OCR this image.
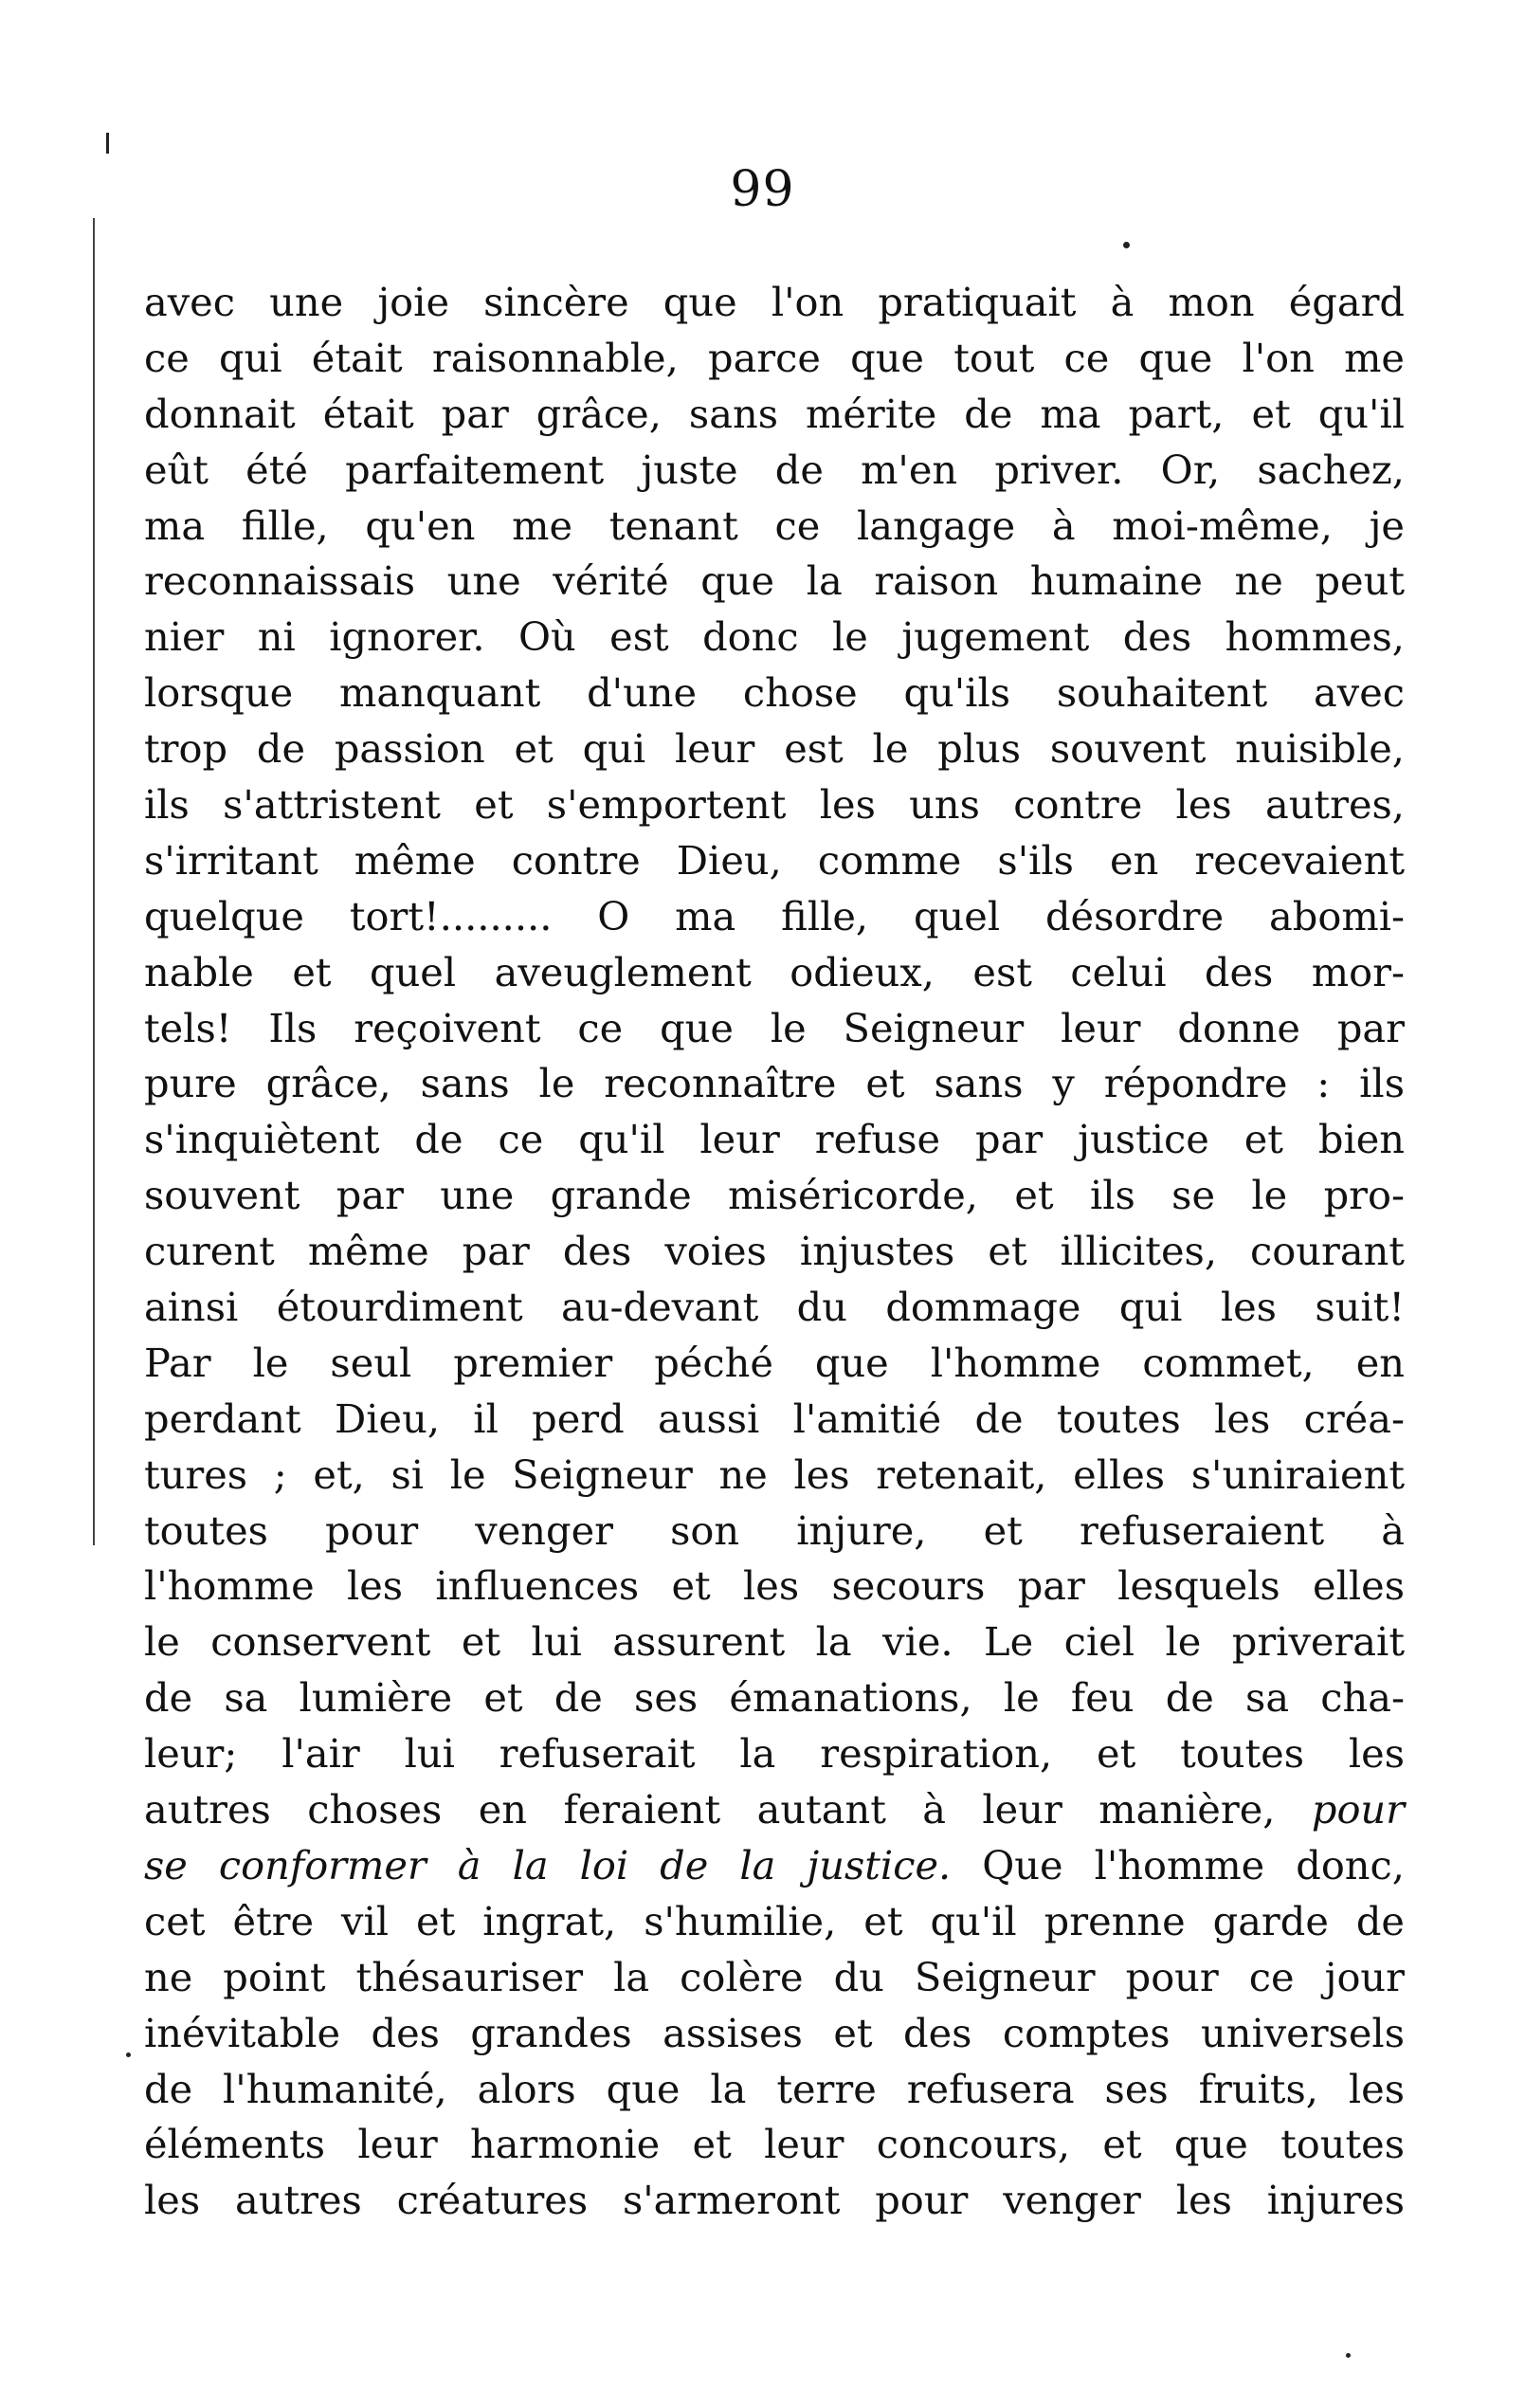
99
avec une joie sincère que l'on pratiquait à mon égard
ce qui était raisonnable, parce que tout ce que l'on me
donnait était par grâce, sans mérite de ma part, et qu'il
eût été parfaitement juste de m'en priver. Or, sachez,
ma fille, qu'en me tenant ce langage à moi-même, je
reconnaissais une vérité que la raison humaine ne peut
nier ni ignorer. Où est donc le jugement des hommes,
lorsque manquant d'une chose qu'ils souhaitent avec
trop de passion et qui leur est le plus souvent nuisible,
ils s'attristent et s'emportent les uns contre les autres,
s'irritant même contre Dieu, comme s'ils en recevaient
quelque tort!......... O ma fille, quel désordre abomi-
nable et quel aveuglement odieux, est celui des mor-
tels! Ils reçoivent ce que le Seigneur leur donne par
pure grâce, sans le reconnaître et sans y répondre : ils
s'inquiètent de ce qu'il leur refuse par justice et bien
souvent par une grande miséricorde, et ils se le pro-
curent même par des voies injustes et illicites, courant
ainsi étourdiment au-devant du dommage qui les suit!
Par le seul premier péché que l'homme commet, en
perdant Dieu, il perd aussi l'amitié de toutes les créa-
tures ; et, si le Seigneur ne les retenait, elles s'uniraient
toutes pour venger son injure, et refuseraient à
l'homme les influences et les secours par lesquels elles
le conservent et lui assurent la vie. Le ciel le priverait
de sa lumière et de ses émanations, le feu de sa cha-
leur; l'air lui refuserait la respiration, et toutes les
autres choses en feraient autant à leur manière, pour
se conformer à la loi de la justice. Que l'homme donc,
cet être vil et ingrat, s'humilie, et qu'il prenne garde de
ne point thésauriser la colère du Seigneur pour ce jour
inévitable des grandes assises et des comptes universels
de l'humanité, alors que la terre refusera ses fruits, les
éléments leur harmonie et leur concours, et que toutes
les autres créatures s'armeront pour venger les injures
